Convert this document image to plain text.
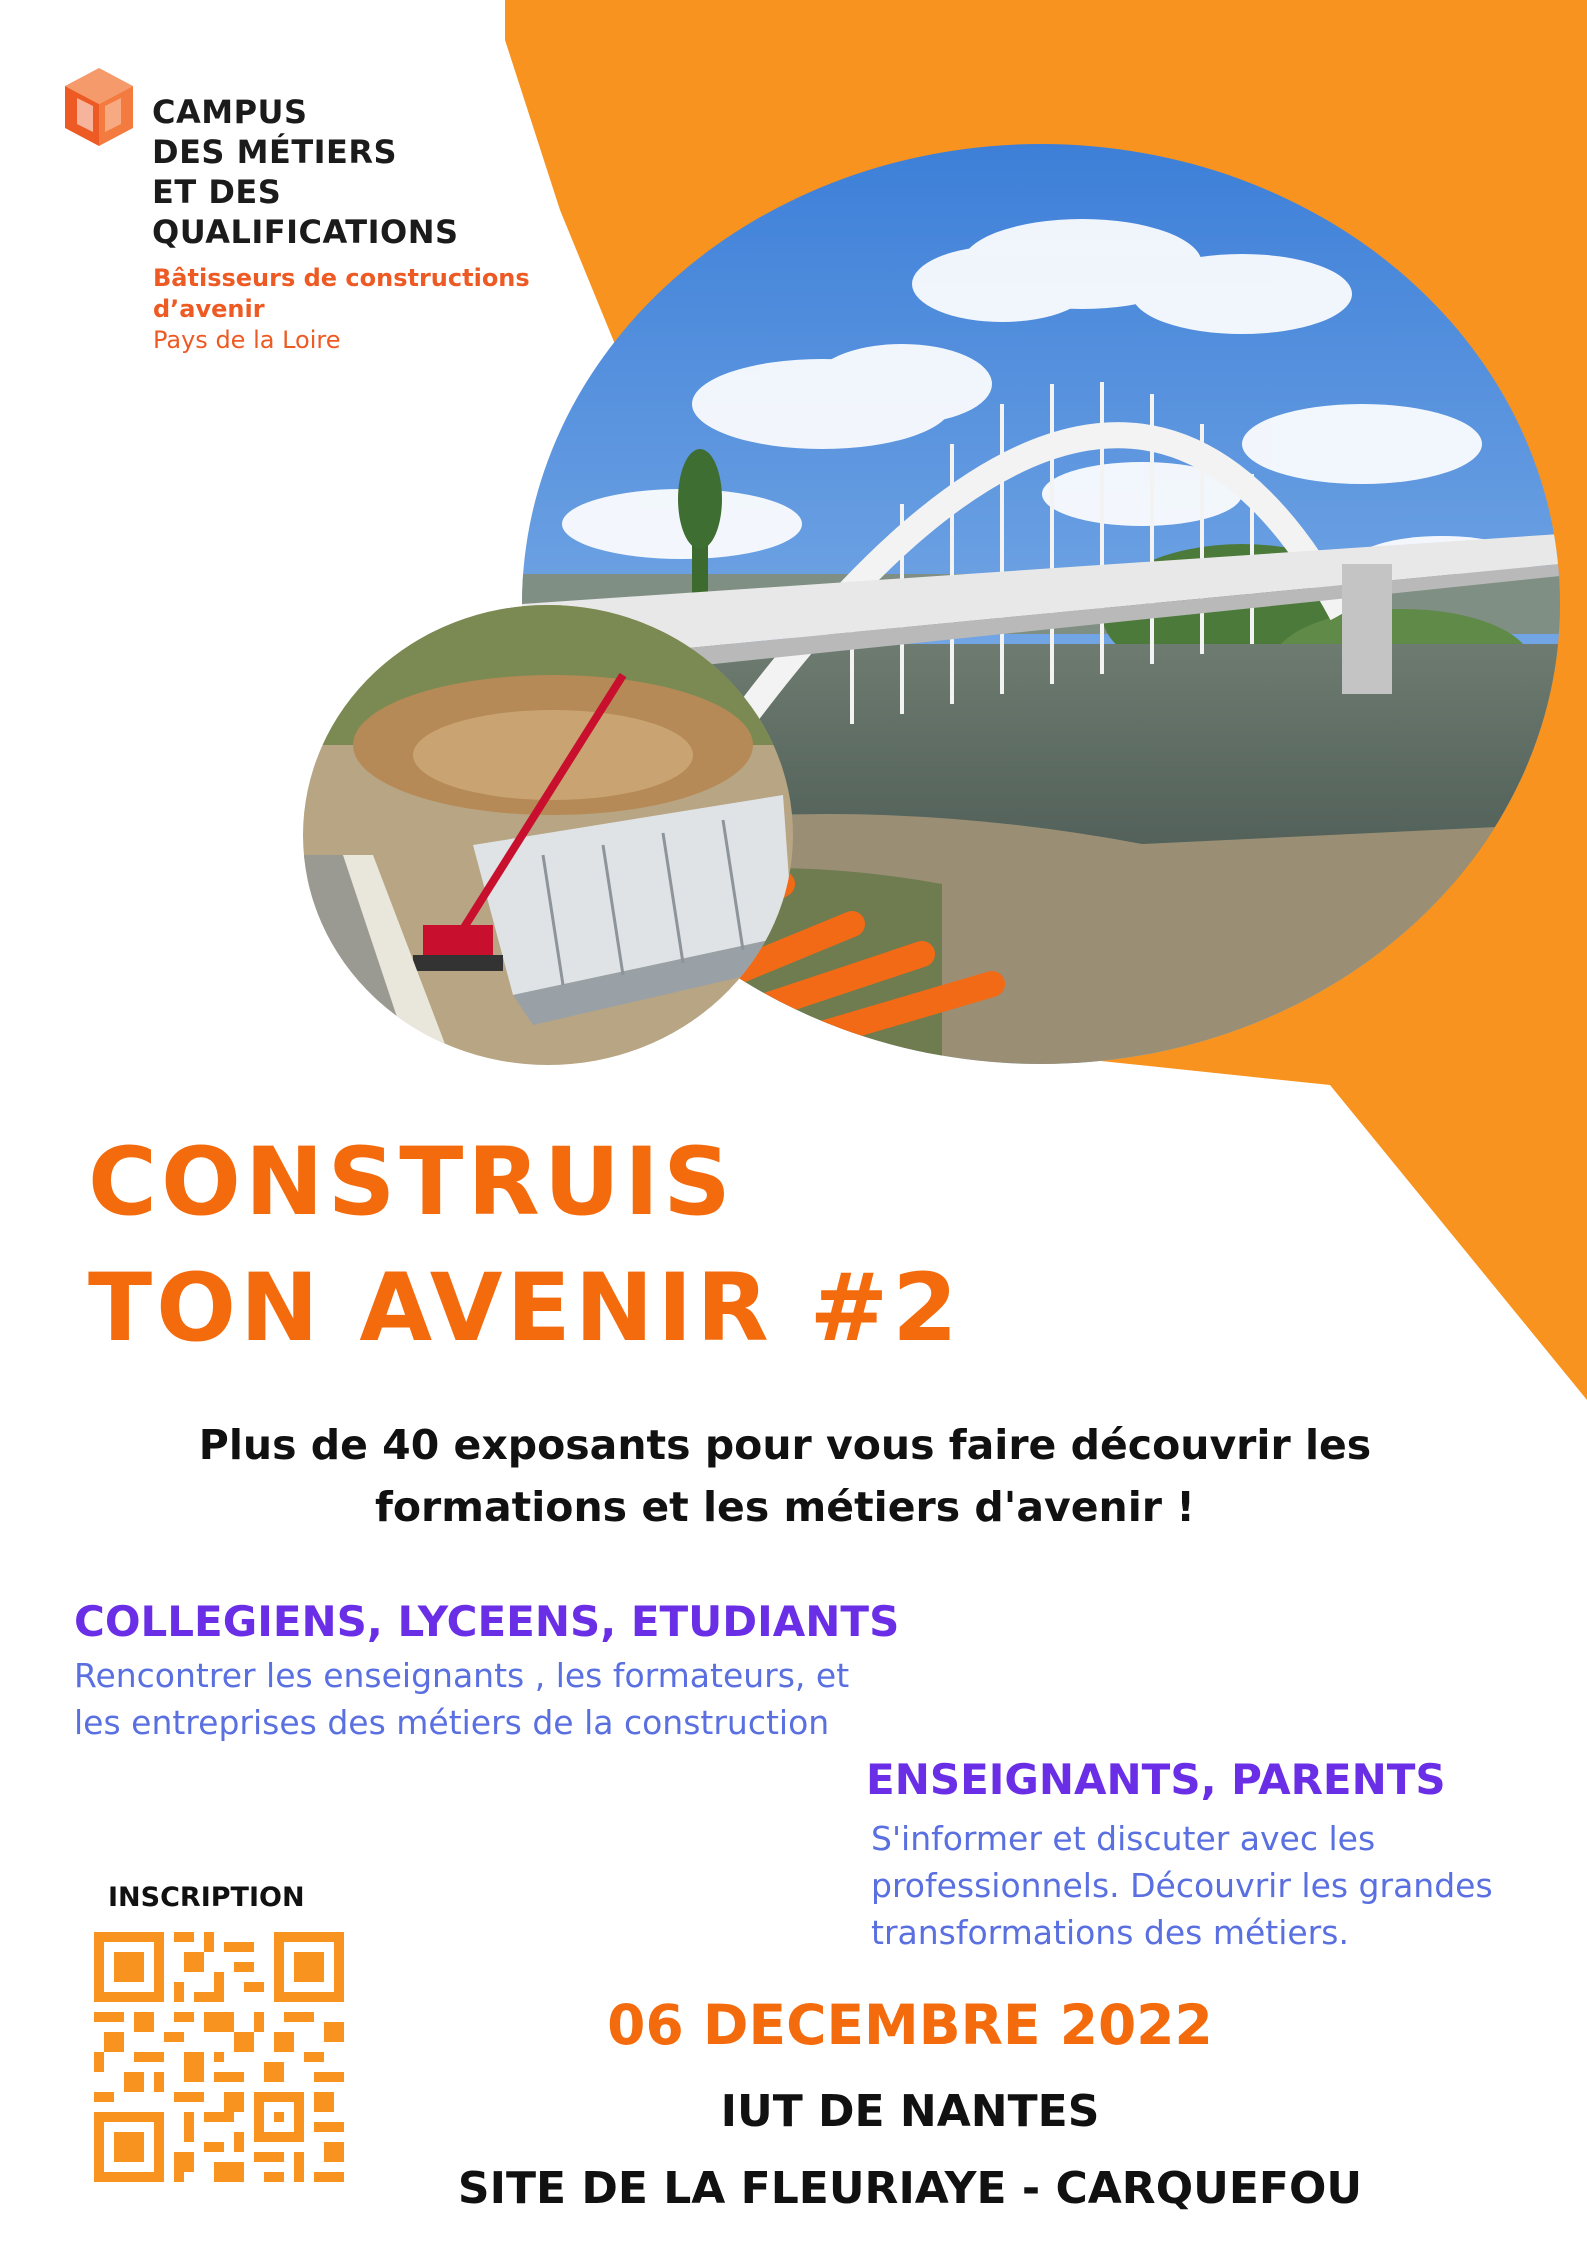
CAMPUS
DES MÉTIERS
ET DES
QUALIFICATIONS
Bâtisseurs de constructions
d’avenir
Pays de la Loire
CONSTRUIS
TON AVENIR #2
Plus de 40 exposants pour vous faire découvrir les
formations et les métiers d'avenir !
COLLEGIENS, LYCEENS, ETUDIANTS
Rencontrer les enseignants , les formateurs, et
les entreprises des métiers de la construction
ENSEIGNANTS, PARENTS
S'informer et discuter avec les
professionnels. Découvrir les grandes
transformations des métiers.
INSCRIPTION
06 DECEMBRE 2022
IUT DE NANTES
SITE DE LA FLEURIAYE - CARQUEFOU
